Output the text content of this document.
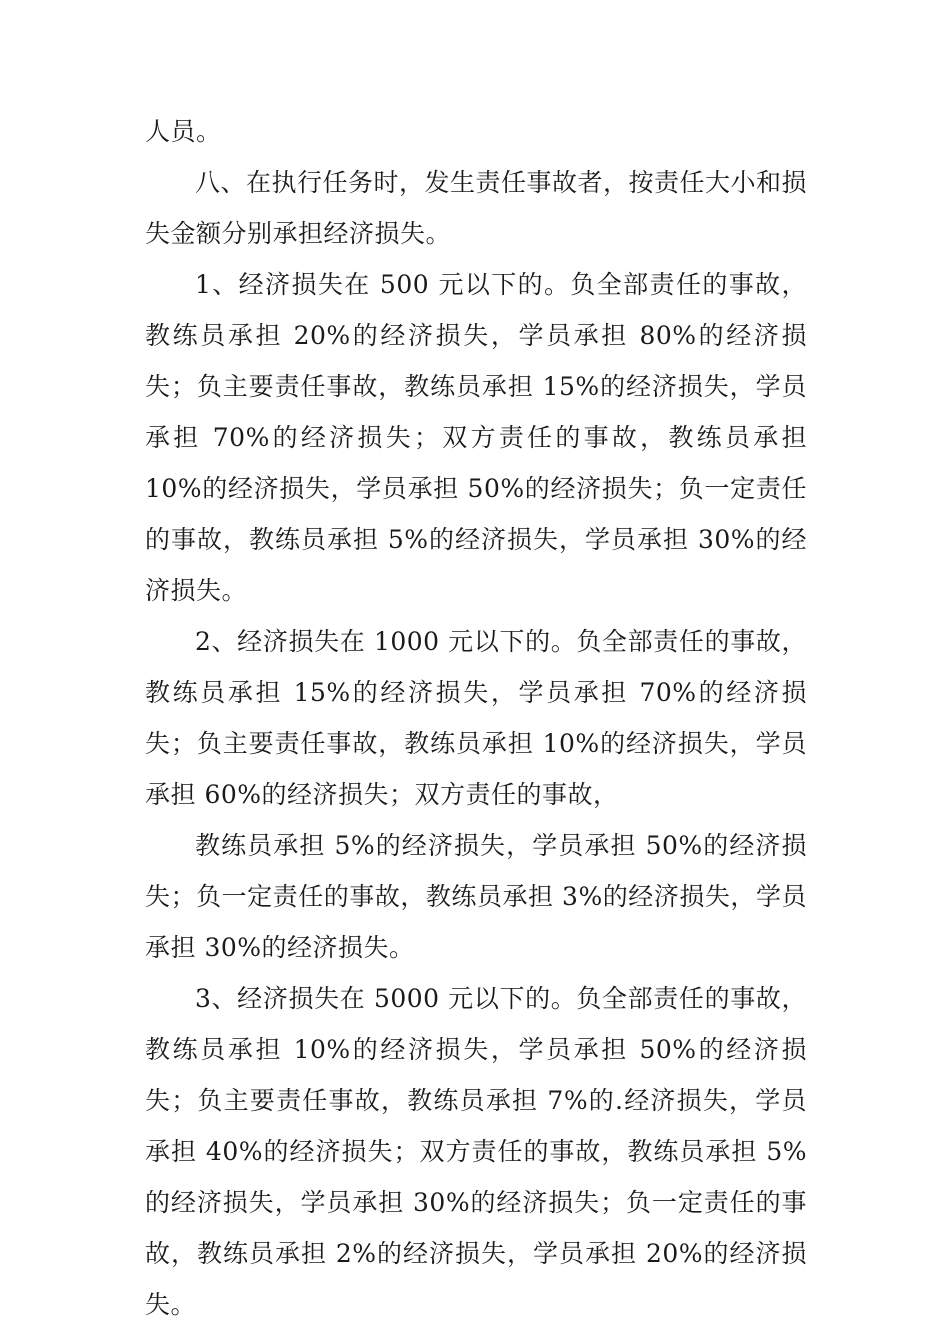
人员。

八、在执行任务时，发生责任事故者，按责任大小和损失金额分别承担经济损失。

1、经济损失在 500 元以下的。负全部责任的事故，教练员承担 20%的经济损失，学员承担 80%的经济损失；负主要责任事故，教练员承担 15%的经济损失，学员承担 70%的经济损失；双方责任的事故，教练员承担 10%的经济损失，学员承担 50%的经济损失；负一定责任的事故，教练员承担 5%的经济损失，学员承担 30%的经济损失。

2、经济损失在 1000 元以下的。负全部责任的事故，教练员承担 15%的经济损失，学员承担 70%的经济损失；负主要责任事故，教练员承担 10%的经济损失，学员承担 60%的经济损失；双方责任的事故，

教练员承担 5%的经济损失，学员承担 50%的经济损失；负一定责任的事故，教练员承担 3%的经济损失，学员承担 30%的经济损失。

3、经济损失在 5000 元以下的。负全部责任的事故，教练员承担 10%的经济损失，学员承担 50%的经济损失；负主要责任事故，教练员承担 7%的.经济损失，学员承担 40%的经济损失；双方责任的事故，教练员承担 5%的经济损失，学员承担 30%的经济损失；负一定责任的事故，教练员承担 2%的经济损失，学员承担 20%的经济损失。
